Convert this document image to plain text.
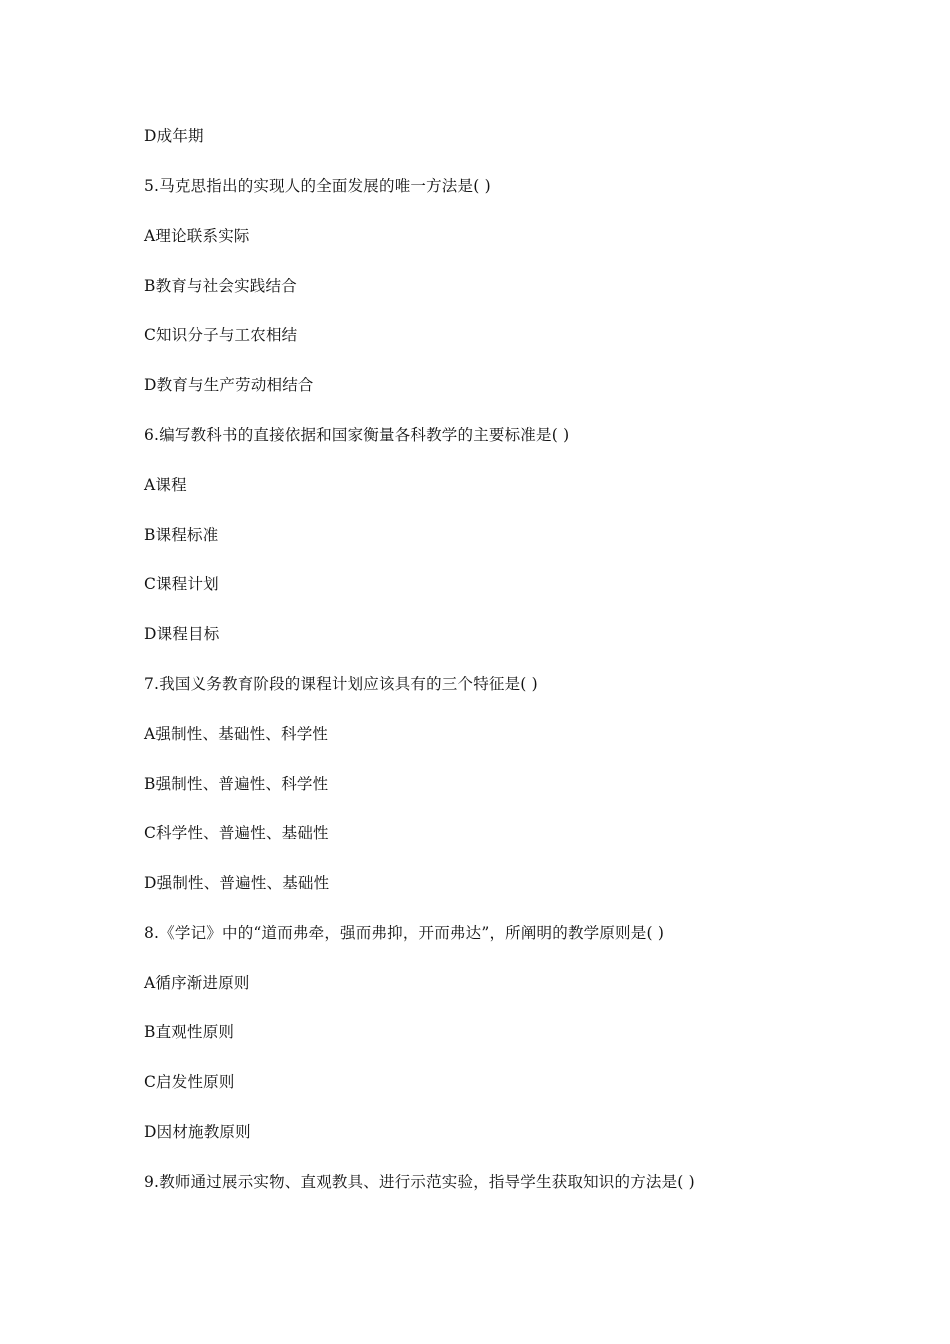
D成年期
5.马克思指出的实现人的全面发展的唯一方法是( )
A理论联系实际
B教育与社会实践结合
C知识分子与工农相结
D教育与生产劳动相结合
6.编写教科书的直接依据和国家衡量各科教学的主要标准是( )
A课程
B课程标准
C课程计划
D课程目标
7.我国义务教育阶段的课程计划应该具有的三个特征是( )
A强制性、基础性、科学性
B强制性、普遍性、科学性
C科学性、普遍性、基础性
D强制性、普遍性、基础性
8.《学记》中的“道而弗牵，强而弗抑，开而弗达”，所阐明的教学原则是( )
A循序渐进原则
B直观性原则
C启发性原则
D因材施教原则
9.教师通过展示实物、直观教具、进行示范实验，指导学生获取知识的方法是( )
